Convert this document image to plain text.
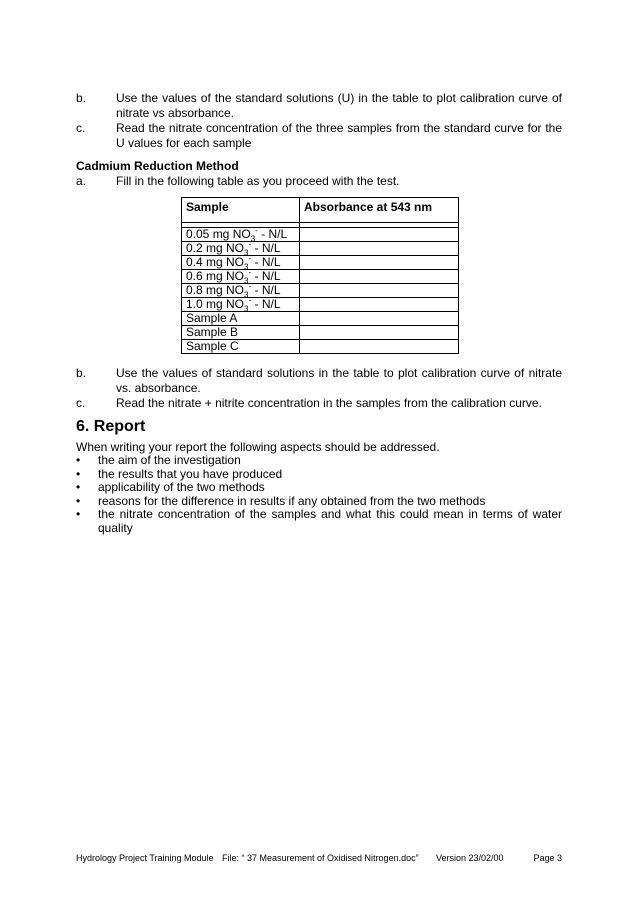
b. Use the values of the standard solutions (U) in the table to plot calibration curve of nitrate vs absorbance.
c.	Read the nitrate concentration of the three samples from the standard curve for the U values for each sample
Cadmium Reduction Method
a. Fill in the following table as you proceed with the test.
Sample	Absorbance at 543 nm

0.05 mg $NO_3^- - N/L$	
0.2 mg $NO_3^- - N/L$	
0.4 mg $NO_3^- - N/L$	
0.6 mg $NO_3^- - N/L$	
0.8 mg $NO_3^- - N/L$	
1.0 mg $NO_3^- - N/L$	
Sample A	
Sample B	
Sample C	
b. Use the values of standard solutions in the table to plot calibration curve of nitrate vs. absorbance.
c.	Read the nitrate + nitrite concentration in the samples from the calibration curve.
6. Report
When writing your report the following aspects should be addressed.
• the aim of the investigation
• the results that you have produced
• applicability of the two methods
• reasons for the difference in results if any obtained from the two methods
• the nitrate concentration of the samples and what this could mean in terms of water quality
Hydrology Project Training Module File: “ 37 Measurement of Oxidised Nitrogen.doc” Version 23/02/00	Page 3
